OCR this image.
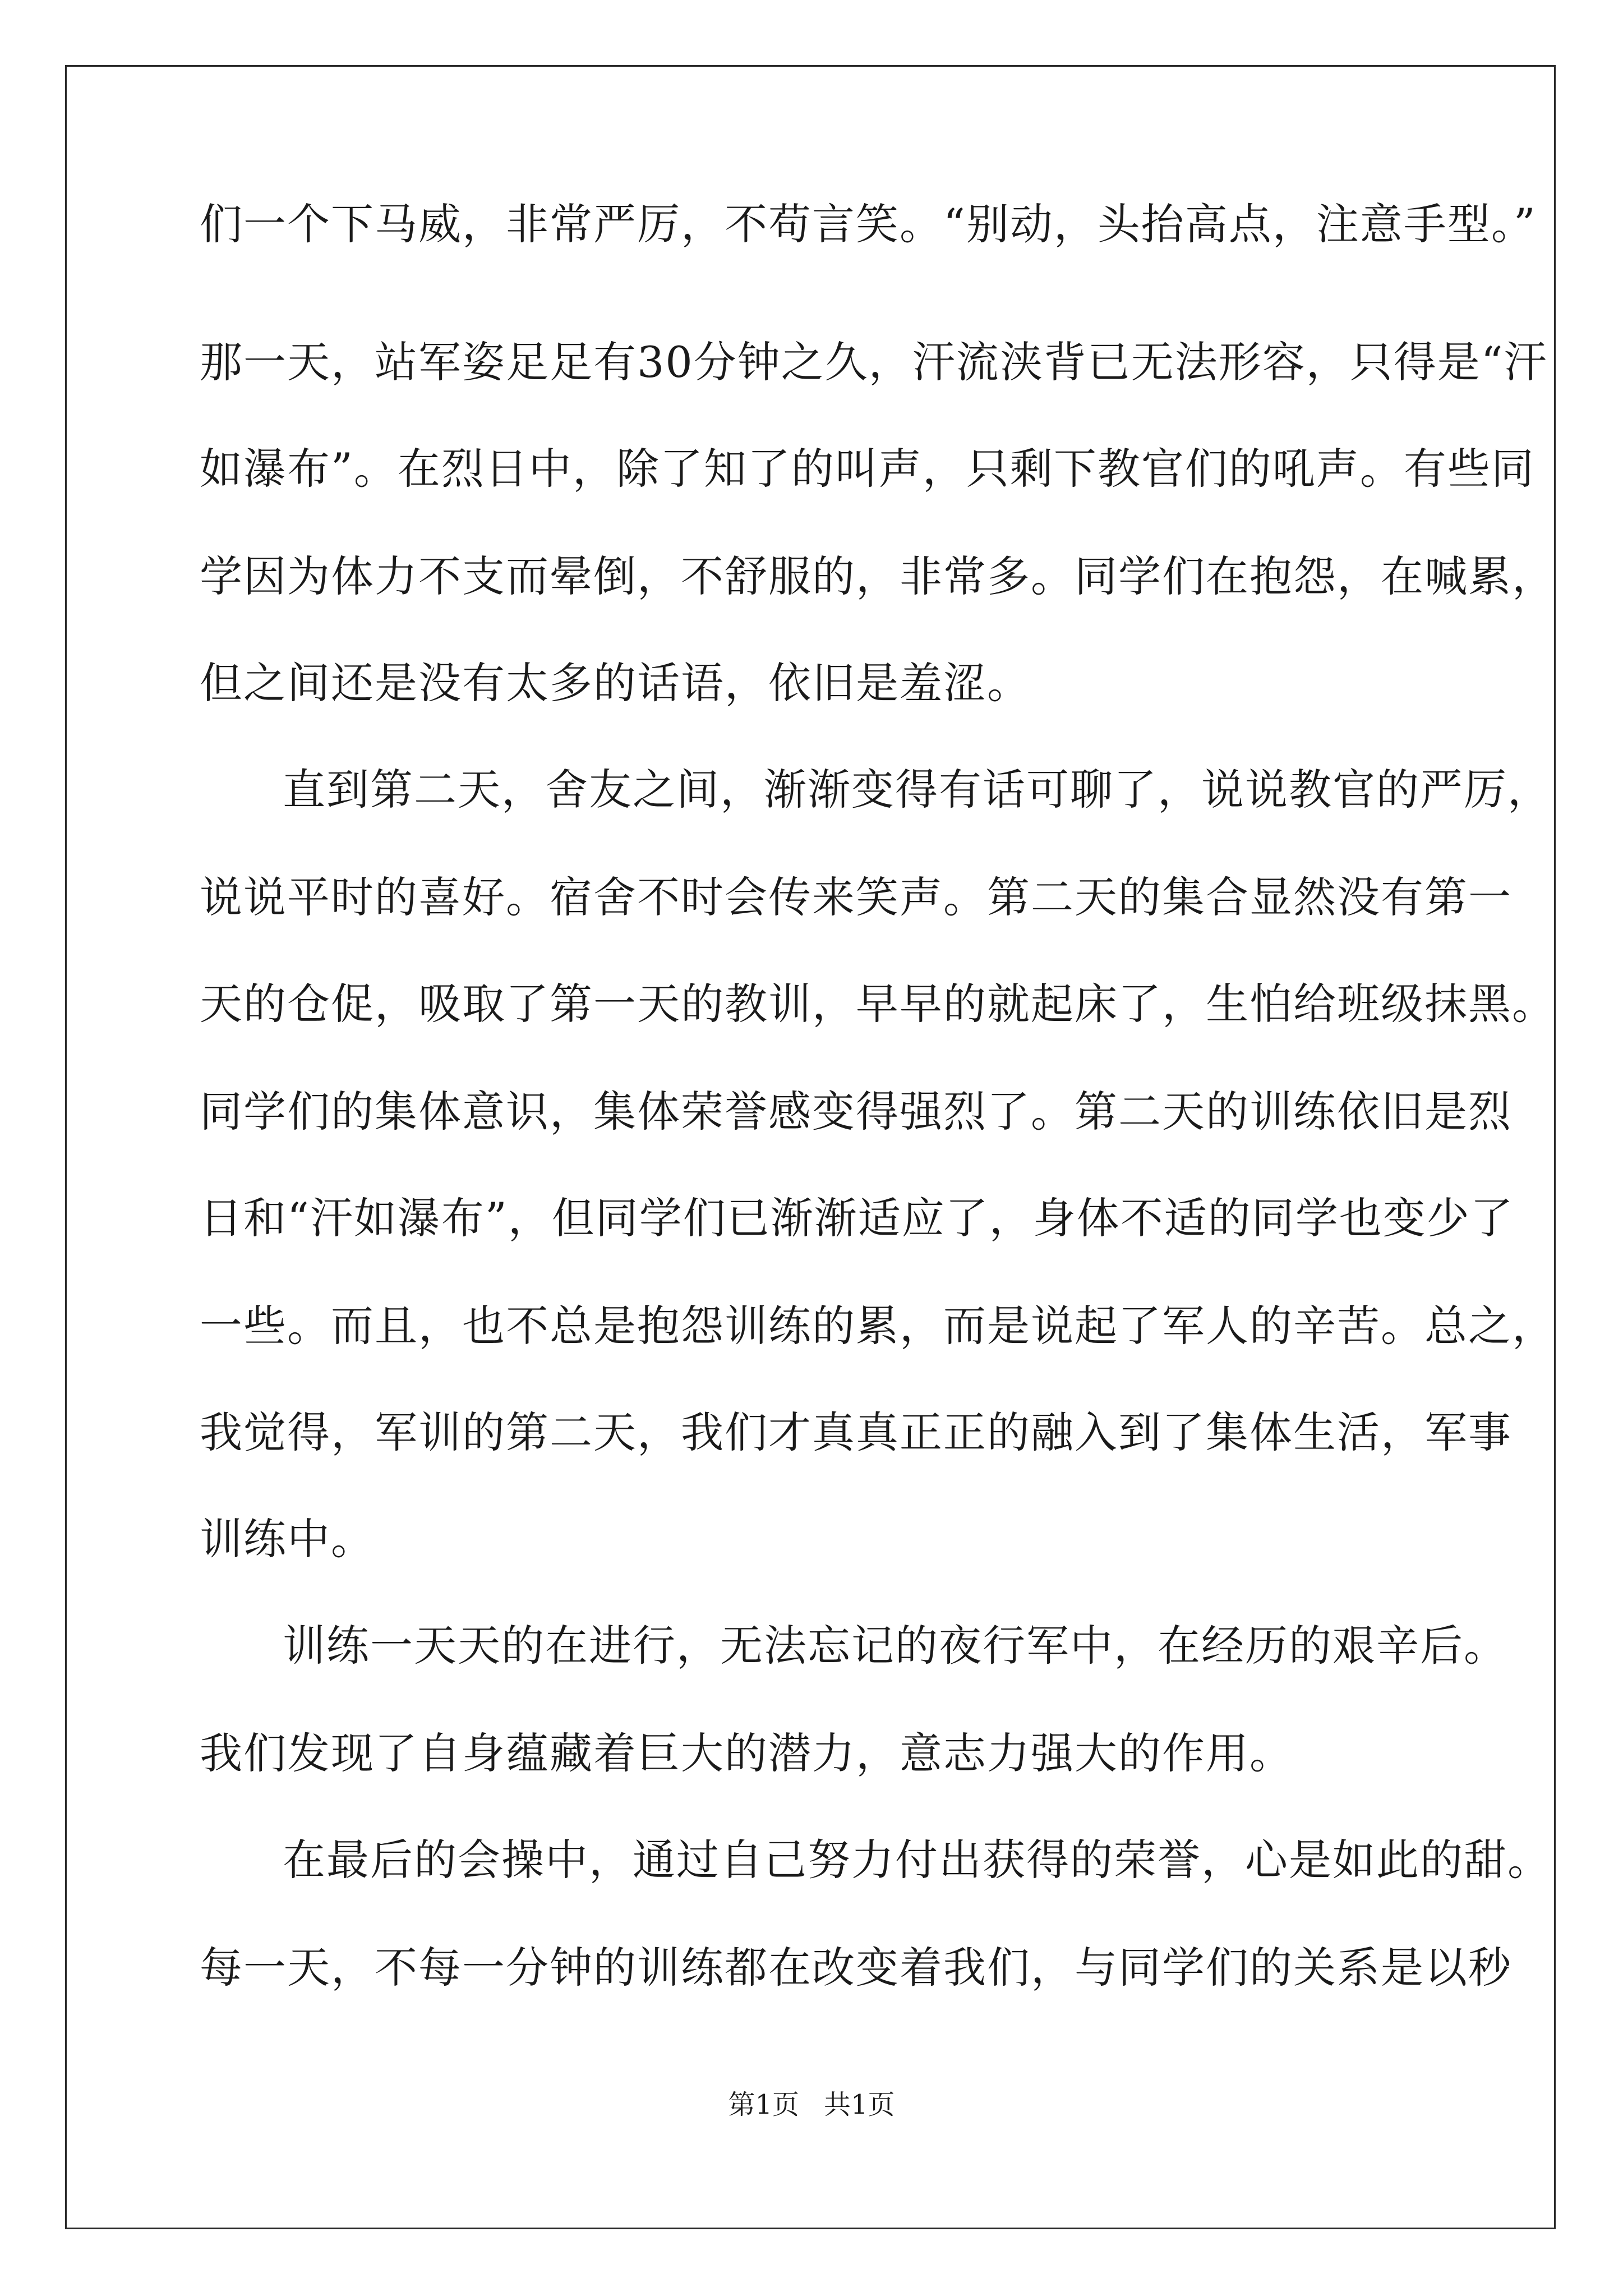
们一个下马威，非常严厉，不苟言笑。“别动，头抬高点，注意手型。”
那一天，站军姿足足有30分钟之久，汗流浃背已无法形容，只得是“汗
如瀑布”。在烈日中，除了知了的叫声，只剩下教官们的吼声。有些同
学因为体力不支而晕倒，不舒服的，非常多。同学们在抱怨，在喊累，
但之间还是没有太多的话语，依旧是羞涩。
直到第二天，舍友之间，渐渐变得有话可聊了，说说教官的严厉，
说说平时的喜好。宿舍不时会传来笑声。第二天的集合显然没有第一
天的仓促，吸取了第一天的教训，早早的就起床了，生怕给班级抹黑。
同学们的集体意识，集体荣誉感变得强烈了。第二天的训练依旧是烈
日和“汗如瀑布”，但同学们已渐渐适应了，身体不适的同学也变少了
一些。而且，也不总是抱怨训练的累，而是说起了军人的辛苦。总之，
我觉得，军训的第二天，我们才真真正正的融入到了集体生活，军事
训练中。
训练一天天的在进行，无法忘记的夜行军中，在经历的艰辛后。
我们发现了自身蕴藏着巨大的潜力，意志力强大的作用。
在最后的会操中，通过自己努力付出获得的荣誉，心是如此的甜。
每一天，不每一分钟的训练都在改变着我们，与同学们的关系是以秒
第1页 共1页
